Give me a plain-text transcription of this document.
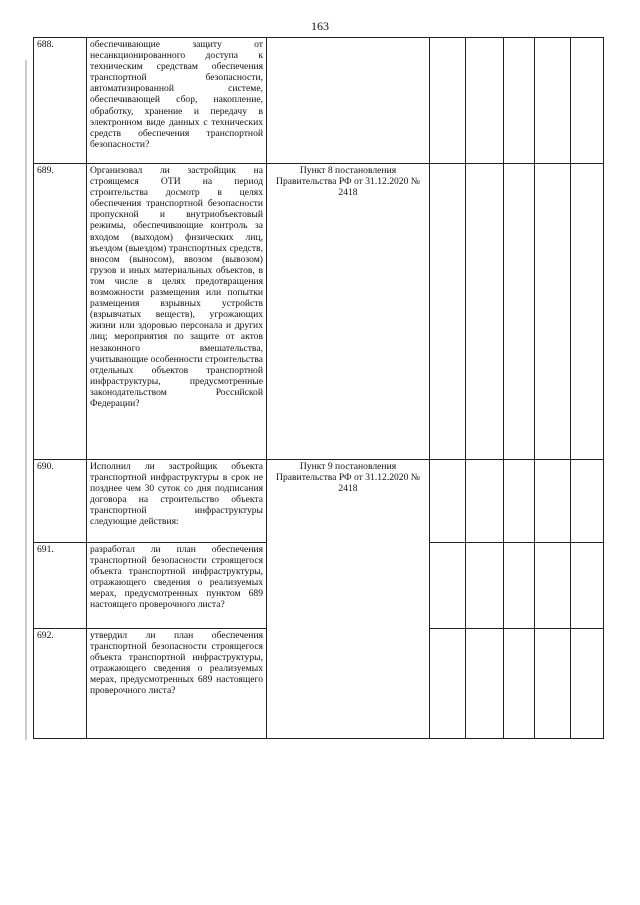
163
688.	обеспечивающие защиту от несанкционированного доступа к техническим средствам обеспечения транспортной безопасности, автоматизированной системе, обеспечивающей сбор, накопление, обработку, хранение и передачу в электронном виде данных с технических средств обеспечения транспортной безопасности?						
689.	Организовал ли застройщик на строящемся ОТИ на период строительства досмотр в целях обеспечения транспортной безопасности пропускной и внутриобъектовый режимы, обеспечивающие контроль за входом (выходом) физических лиц, въездом (выездом) транспортных средств, вносом (выносом), ввозом (вывозом) грузов и иных материальных объектов, в том числе в целях предотвращения возможности размещения или попытки размещения взрывных устройств (взрывчатых веществ), угрожающих жизни или здоровью персонала и других лиц; мероприятия по защите от актов незаконного вмешательства, учитывающие особенности строительства отдельных объектов транспортной инфраструктуры, предусмотренные законодательством Российской Федерации?	Пункт 8 постановления Правительства РФ от 31.12.2020 № 2418					
690.	Исполнил ли застройщик объекта транспортной инфраструктуры в срок не позднее чем 30 суток со дня подписания договора на строительство объекта транспортной инфраструктуры следующие действия:	Пункт 9 постановления Правительства РФ от 31.12.2020 № 2418					
691.	разработал ли план обеспечения транспортной безопасности строящегося объекта транспортной инфраструктуры, отражающего сведения о реализуемых мерах, предусмотренных пунктом 689 настоящего проверочного листа?						
692.	утвердил ли план обеспечения транспортной безопасности строящегося объекта транспортной инфраструктуры, отражающего сведения о реализуемых мерах, предусмотренных 689 настоящего проверочного листа?						
